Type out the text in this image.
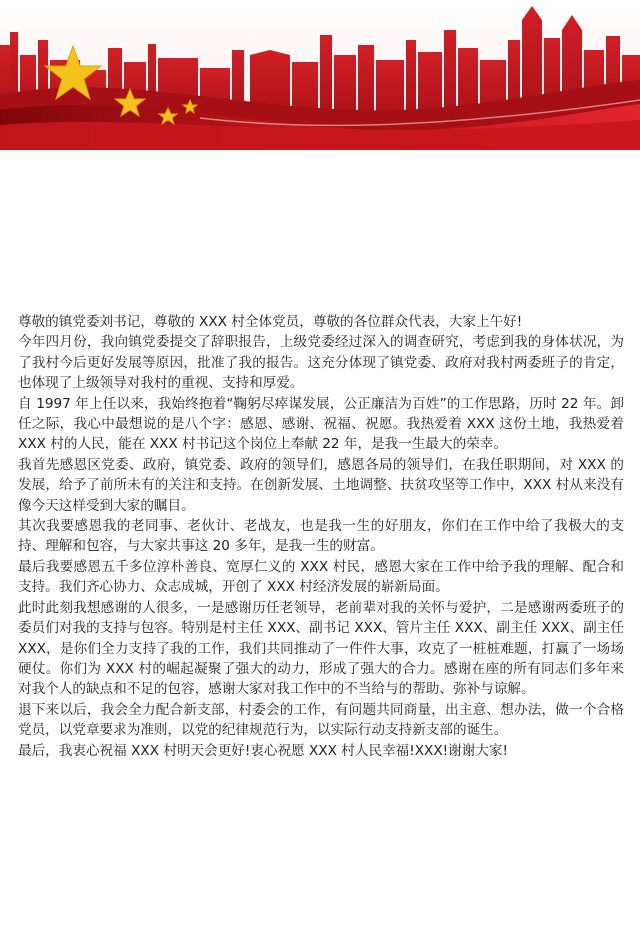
尊敬的镇党委刘书记，尊敬的 XXX 村全体党员，尊敬的各位群众代表，大家上午好!

今年四月份，我向镇党委提交了辞职报告，上级党委经过深入的调查研究，考虑到我的身体状况，为了我村今后更好发展等原因，批准了我的报告。这充分体现了镇党委、政府对我村两委班子的肯定，也体现了上级领导对我村的重视、支持和厚爱。

自 1997 年上任以来，我始终抱着“鞠躬尽瘁谋发展，公正廉洁为百姓”的工作思路，历时 22 年。卸任之际，我心中最想说的是八个字：感恩、感谢、祝福、祝愿。我热爱着 XXX 这份土地，我热爱着 XXX 村的人民，能在 XXX 村书记这个岗位上奉献 22 年，是我一生最大的荣幸。

我首先感恩区党委、政府，镇党委、政府的领导们，感恩各局的领导们，在我任职期间，对 XXX 的发展，给予了前所未有的关注和支持。在创新发展、土地调整、扶贫攻坚等工作中，XXX 村从来没有像今天这样受到大家的瞩目。

其次我要感恩我的老同事、老伙计、老战友，也是我一生的好朋友，你们在工作中给了我极大的支持、理解和包容，与大家共事这 20 多年，是我一生的财富。

最后我要感恩五千多位淳朴善良、宽厚仁义的 XXX 村民，感恩大家在工作中给予我的理解、配合和支持。我们齐心协力、众志成城，开创了 XXX 村经济发展的崭新局面。

此时此刻我想感谢的人很多，一是感谢历任老领导，老前辈对我的关怀与爱护，二是感谢两委班子的委员们对我的支持与包容。特别是村主任 XXX、副书记 XXX、管片主任 XXX、副主任 XXX、副主任 XXX，是你们全力支持了我的工作，我们共同推动了一件件大事，攻克了一桩桩难题，打赢了一场场硬仗。你们为 XXX 村的崛起凝聚了强大的动力，形成了强大的合力。感谢在座的所有同志们多年来对我个人的缺点和不足的包容，感谢大家对我工作中的不当给与的帮助、弥补与谅解。

退下来以后，我会全力配合新支部，村委会的工作，有问题共同商量，出主意、想办法，做一个合格党员，以党章要求为准则，以党的纪律规范行为，以实际行动支持新支部的诞生。

最后，我衷心祝福 XXX 村明天会更好!衷心祝愿 XXX 村人民幸福!XXX!谢谢大家!
